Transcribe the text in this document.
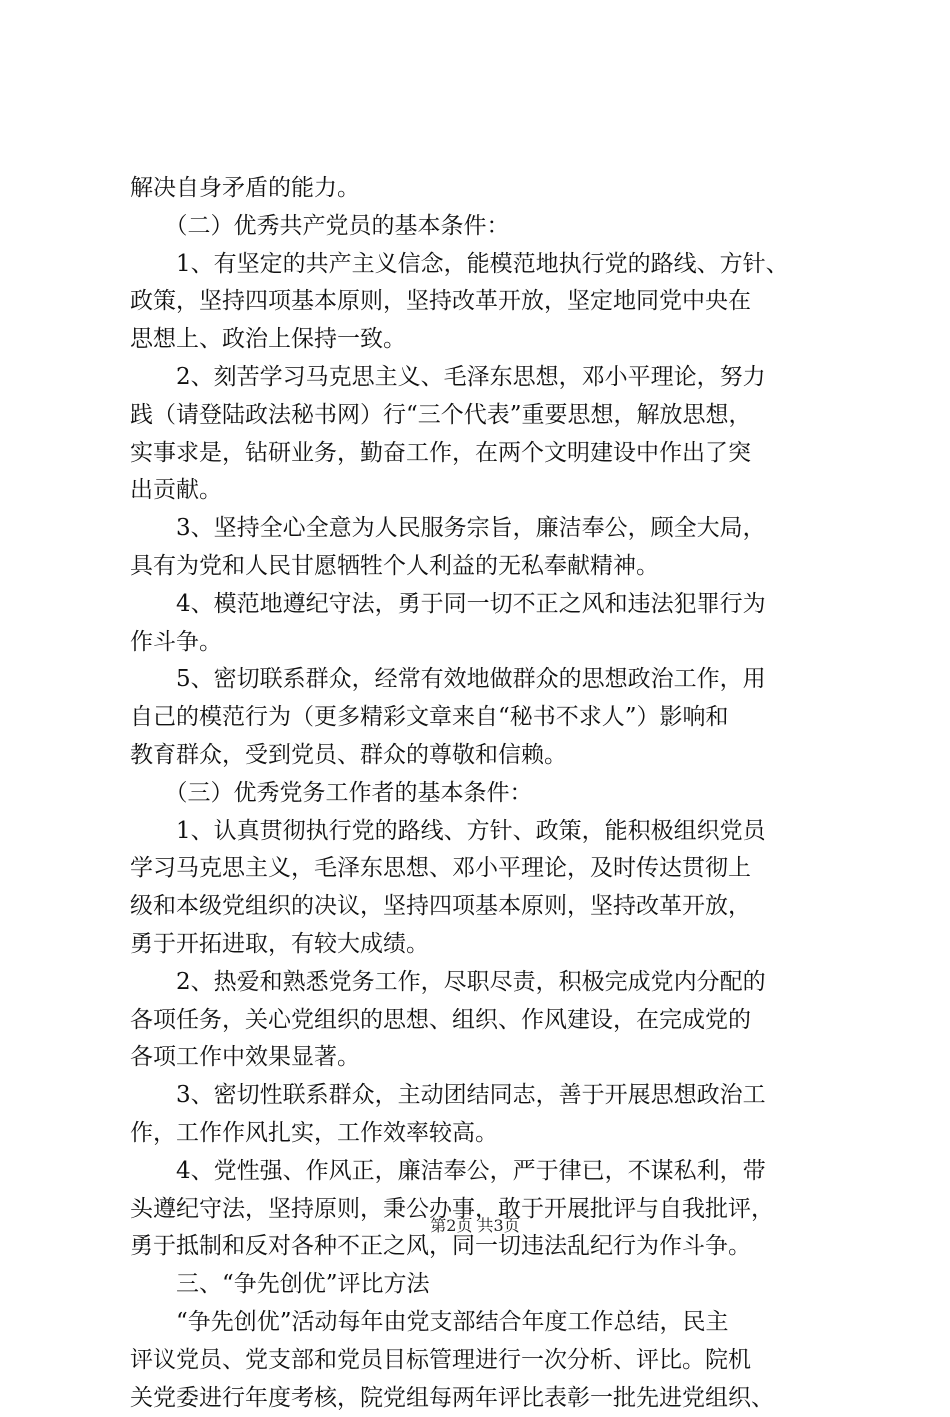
解决自身矛盾的能力。
　　（二）优秀共产党员的基本条件：
　　1、有坚定的共产主义信念，能模范地执行党的路线、方针、
政策，坚持四项基本原则，坚持改革开放，坚定地同党中央在
思想上、政治上保持一致。
　　2、刻苦学习马克思主义、毛泽东思想，邓小平理论，努力
践（请登陆政法秘书网）行“三个代表”重要思想，解放思想，
实事求是，钻研业务，勤奋工作，在两个文明建设中作出了突
出贡献。
　　3、坚持全心全意为人民服务宗旨，廉洁奉公，顾全大局，
具有为党和人民甘愿牺牲个人利益的无私奉献精神。
　　4、模范地遵纪守法，勇于同一切不正之风和违法犯罪行为
作斗争。
　　5、密切联系群众，经常有效地做群众的思想政治工作，用
自己的模范行为（更多精彩文章来自“秘书不求人”）影响和
教育群众，受到党员、群众的尊敬和信赖。
　　（三）优秀党务工作者的基本条件：
　　1、认真贯彻执行党的路线、方针、政策，能积极组织党员
学习马克思主义，毛泽东思想、邓小平理论，及时传达贯彻上
级和本级党组织的决议，坚持四项基本原则，坚持改革开放，
勇于开拓进取，有较大成绩。
　　2、热爱和熟悉党务工作，尽职尽责，积极完成党内分配的
各项任务，关心党组织的思想、组织、作风建设，在完成党的
各项工作中效果显著。
　　3、密切性联系群众，主动团结同志，善于开展思想政治工
作，工作作风扎实，工作效率较高。
　　4、党性强、作风正，廉洁奉公，严于律已，不谋私利，带
头遵纪守法，坚持原则，秉公办事，敢于开展批评与自我批评，
勇于抵制和反对各种不正之风，同一切违法乱纪行为作斗争。
　　三、“争先创优”评比方法
　　“争先创优”活动每年由党支部结合年度工作总结，民主
评议党员、党支部和党员目标管理进行一次分析、评比。院机
关党委进行年度考核，院党组每两年评比表彰一批先进党组织、
第2页 共3页
